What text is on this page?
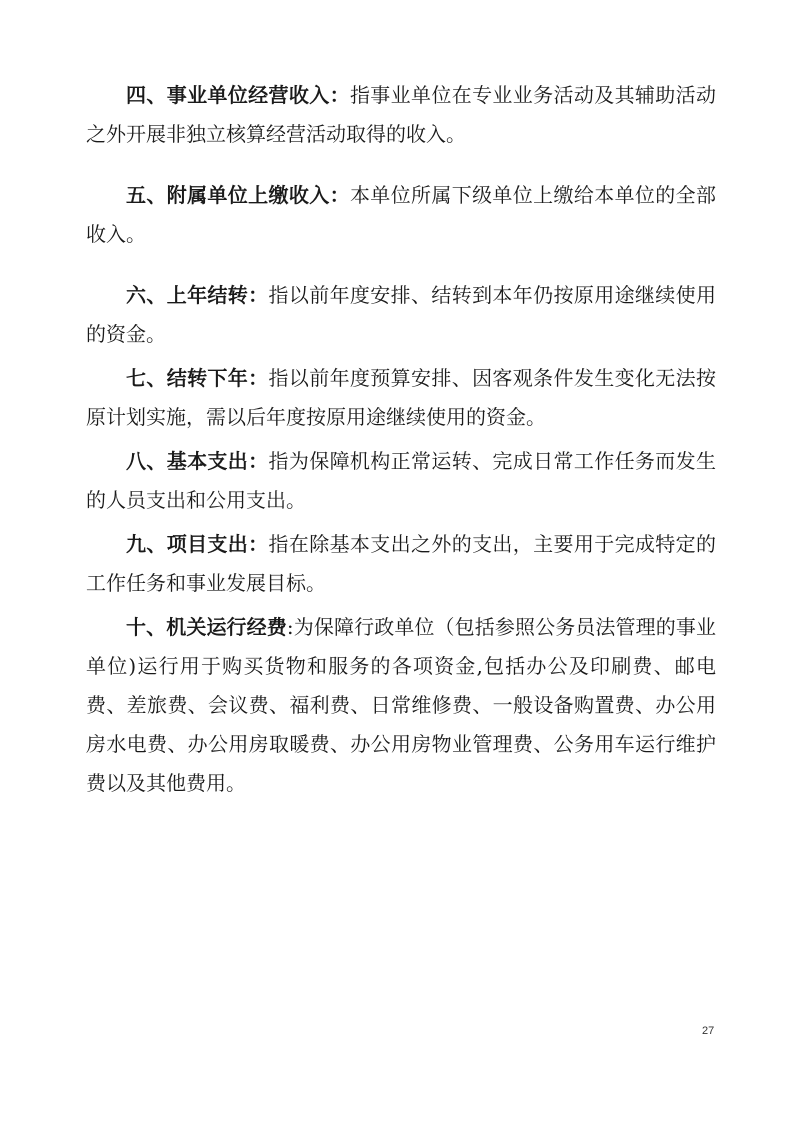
四、事业单位经营收入：指事业单位在专业业务活动及其辅助活动之外开展非独立核算经营活动取得的收入。

五、附属单位上缴收入：本单位所属下级单位上缴给本单位的全部收入。

六、上年结转：指以前年度安排、结转到本年仍按原用途继续使用的资金。

七、结转下年：指以前年度预算安排、因客观条件发生变化无法按原计划实施，需以后年度按原用途继续使用的资金。

八、基本支出：指为保障机构正常运转、完成日常工作任务而发生的人员支出和公用支出。

九、项目支出：指在除基本支出之外的支出，主要用于完成特定的工作任务和事业发展目标。

十、机关运行经费:为保障行政单位（包括参照公务员法管理的事业单位)运行用于购买货物和服务的各项资金,包括办公及印刷费、邮电费、差旅费、会议费、福利费、日常维修费、一般设备购置费、办公用房水电费、办公用房取暖费、办公用房物业管理费、公务用车运行维护费以及其他费用。

27
